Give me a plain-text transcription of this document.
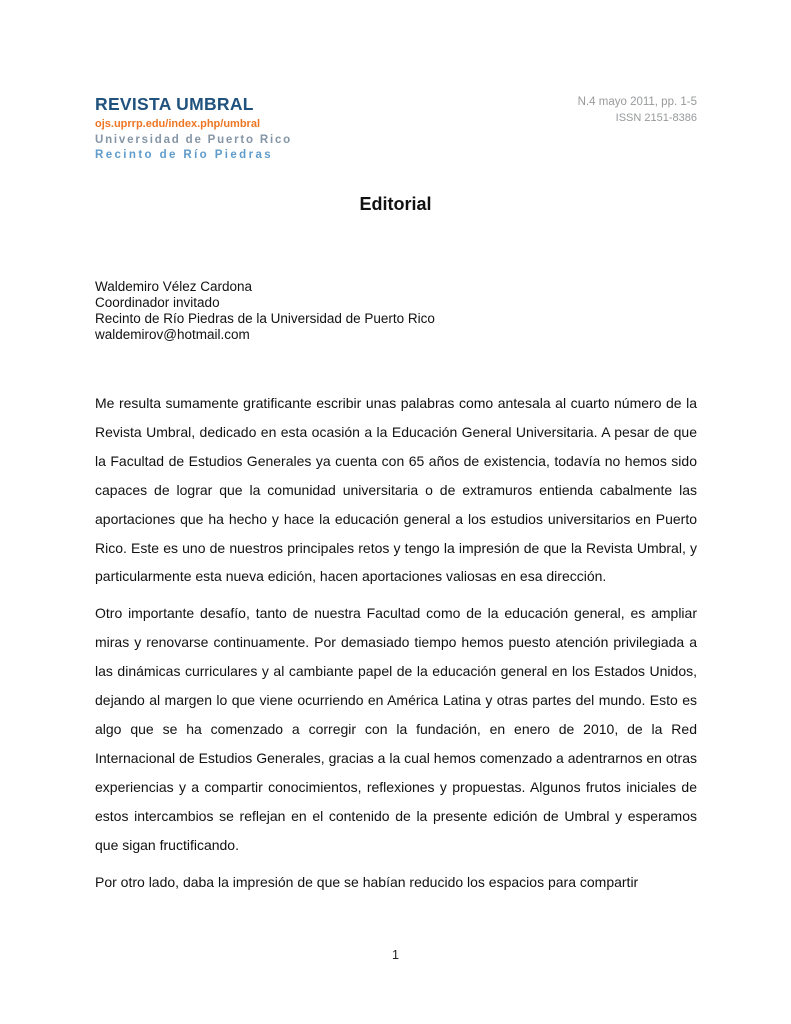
REVISTA UMBRAL
ojs.uprrp.edu/index.php/umbral
Universidad de Puerto Rico
Recinto de Río Piedras
N.4 mayo 2011, pp. 1-5
ISSN 2151-8386
Editorial
Waldemiro Vélez Cardona
Coordinador invitado
Recinto de Río Piedras de la Universidad de Puerto Rico
waldemirov@hotmail.com

Me resulta sumamente gratificante escribir unas palabras como antesala al cuarto número de la Revista Umbral, dedicado en esta ocasión a la Educación General Universitaria. A pesar de que la Facultad de Estudios Generales ya cuenta con 65 años de existencia, todavía no hemos sido capaces de lograr que la comunidad universitaria o de extramuros entienda cabalmente las aportaciones que ha hecho y hace la educación general a los estudios universitarios en Puerto Rico. Este es uno de nuestros principales retos y tengo la impresión de que la Revista Umbral, y particularmente esta nueva edición, hacen aportaciones valiosas en esa dirección.

Otro importante desafío, tanto de nuestra Facultad como de la educación general, es ampliar miras y renovarse continuamente. Por demasiado tiempo hemos puesto atención privilegiada a las dinámicas curriculares y al cambiante papel de la educación general en los Estados Unidos, dejando al margen lo que viene ocurriendo en América Latina y otras partes del mundo. Esto es algo que se ha comenzado a corregir con la fundación, en enero de 2010, de la Red Internacional de Estudios Generales, gracias a la cual hemos comenzado a adentrarnos en otras experiencias y a compartir conocimientos, reflexiones y propuestas. Algunos frutos iniciales de estos intercambios se reflejan en el contenido de la presente edición de Umbral y esperamos que sigan fructificando.

Por otro lado, daba la impresión de que se habían reducido los espacios para compartir

1
